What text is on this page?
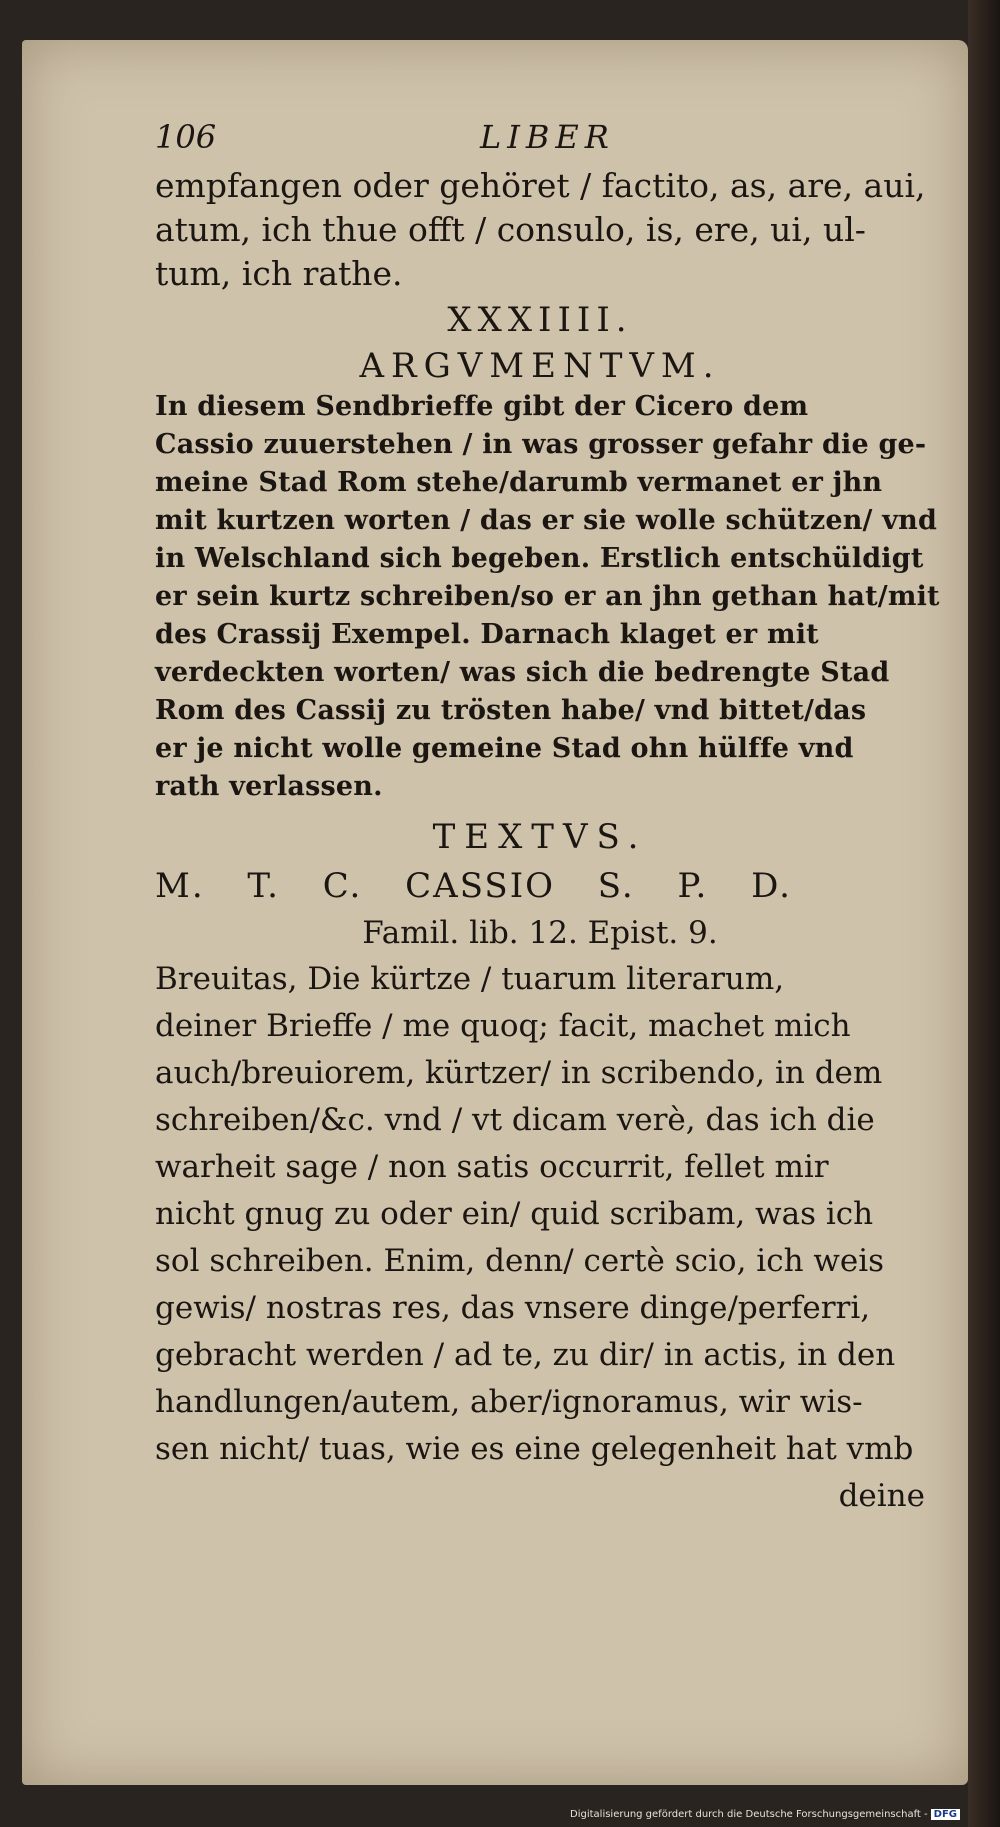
106	LIBER
empfangen oder gehöret / factito, as, are, aui,
atum, ich thue offt / consulo, is, ere, ui, ul-
tum, ich rathe.
XXXIIII.
ARGVMENTVM.
In diesem Sendbrieffe gibt der Cicero dem
Cassio zuuerstehen / in was grosser gefahr die ge-
meine Stad Rom stehe/darumb vermanet er jhn
mit kurtzen worten / das er sie wolle schützen/ vnd
in Welschland sich begeben. Erstlich entschüldigt
er sein kurtz schreiben/so er an jhn gethan hat/mit
des Crassij Exempel. Darnach klaget er mit
verdeckten worten/ was sich die bedrengte Stad
Rom des Cassij zu trösten habe/ vnd bittet/das
er je nicht wolle gemeine Stad ohn hülffe vnd
rath verlassen.
TEXTVS.
M. T. C. CASSIO S. P. D.
Famil. lib. 12. Epist. 9.
Breuitas, Die kürtze / tuarum literarum,
deiner Brieffe / me quoq; facit, machet mich
auch/breuiorem, kürtzer/ in scribendo, in dem
schreiben/&c. vnd / vt dicam verè, das ich die
warheit sage / non satis occurrit, fellet mir
nicht gnug zu oder ein/ quid scribam, was ich
sol schreiben. Enim, denn/ certè scio, ich weis
gewis/ nostras res, das vnsere dinge/perferri,
gebracht werden / ad te, zu dir/ in actis, in den
handlungen/autem, aber/ignoramus, wir wis-
sen nicht/ tuas, wie es eine gelegenheit hat vmb
deine
Digitalisierung gefördert durch die Deutsche Forschungsgemeinschaft - DFG
